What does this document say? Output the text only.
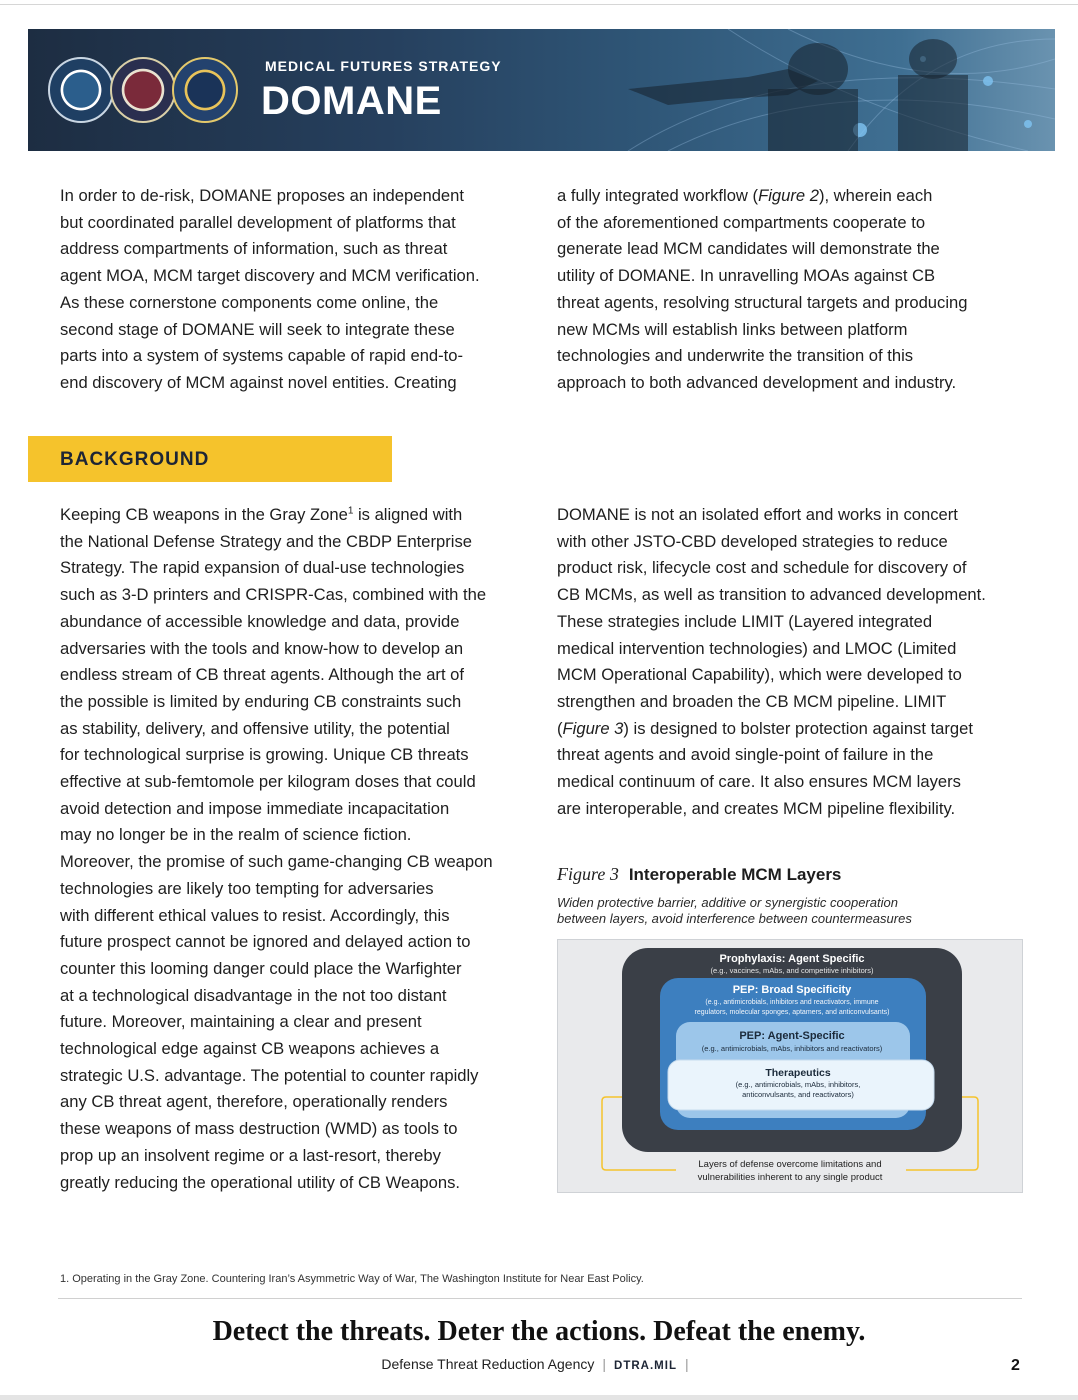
MEDICAL FUTURES STRATEGY
DOMANE

In order to de-risk, DOMANE proposes an independent

but coordinated parallel development of platforms that

address compartments of information, such as threat

agent MOA, MCM target discovery and MCM verification.

As these cornerstone components come online, the

second stage of DOMANE will seek to integrate these

parts into a system of systems capable of rapid end-to-

end discovery of MCM against novel entities. Creating

a fully integrated workflow (Figure 2), wherein each

of the aforementioned compartments cooperate to

generate lead MCM candidates will demonstrate the

utility of DOMANE. In unravelling MOAs against CB

threat agents, resolving structural targets and producing

new MCMs will establish links between platform

technologies and underwrite the transition of this

approach to both advanced development and industry.

BACKGROUND

Keeping CB weapons in the Gray Zone$^1$ is aligned with

the National Defense Strategy and the CBDP Enterprise

Strategy. The rapid expansion of dual-use technologies

such as 3-D printers and CRISPR-Cas, combined with the

abundance of accessible knowledge and data, provide

adversaries with the tools and know-how to develop an

endless stream of CB threat agents. Although the art of

the possible is limited by enduring CB constraints such

as stability, delivery, and offensive utility, the potential

for technological surprise is growing. Unique CB threats

effective at sub-femtomole per kilogram doses that could

avoid detection and impose immediate incapacitation

may no longer be in the realm of science fiction.

Moreover, the promise of such game-changing CB weapon

technologies are likely too tempting for adversaries

with different ethical values to resist. Accordingly, this

future prospect cannot be ignored and delayed action to

counter this looming danger could place the Warfighter

at a technological disadvantage in the not too distant

future. Moreover, maintaining a clear and present

technological edge against CB weapons achieves a

strategic U.S. advantage. The potential to counter rapidly

any CB threat agent, therefore, operationally renders

these weapons of mass destruction (WMD) as tools to

prop up an insolvent regime or a last-resort, thereby

greatly reducing the operational utility of CB Weapons.

DOMANE is not an isolated effort and works in concert

with other JSTO-CBD developed strategies to reduce

product risk, lifecycle cost and schedule for discovery of

CB MCMs, as well as transition to advanced development.

These strategies include LIMIT (Layered integrated

medical intervention technologies) and LMOC (Limited

MCM Operational Capability), which were developed to

strengthen and broaden the CB MCM pipeline. LIMIT

(Figure 3) is designed to bolster protection against target

threat agents and avoid single-point of failure in the

medical continuum of care. It also ensures MCM layers

are interoperable, and creates MCM pipeline flexibility.

Figure 3 Interoperable MCM Layers
Widen protective barrier, additive or synergistic cooperation
between layers, avoid interference between countermeasures
Prophylaxis: Agent Specific
(e.g., vaccines, mAbs, and competitive inhibitors)
PEP: Broad Specificity
(e.g., antimicrobials, inhibitors and reactivators, immune
regulators, molecular sponges, aptamers, and anticonvulsants)
PEP: Agent-Specific
(e.g., antimicrobials, mAbs, inhibitors and reactivators)
Therapeutics
(e.g., antimicrobials, mAbs, inhibitors,
anticonvulsants, and reactivators)
Layers of defense overcome limitations and
vulnerabilities inherent to any single product
1. Operating in the Gray Zone. Countering Iran’s Asymmetric Way of War, The Washington Institute for Near East Policy.
Detect the threats. Deter the actions. Defeat the enemy.
Defense Threat Reduction Agency | DTRA.MIL |	2
